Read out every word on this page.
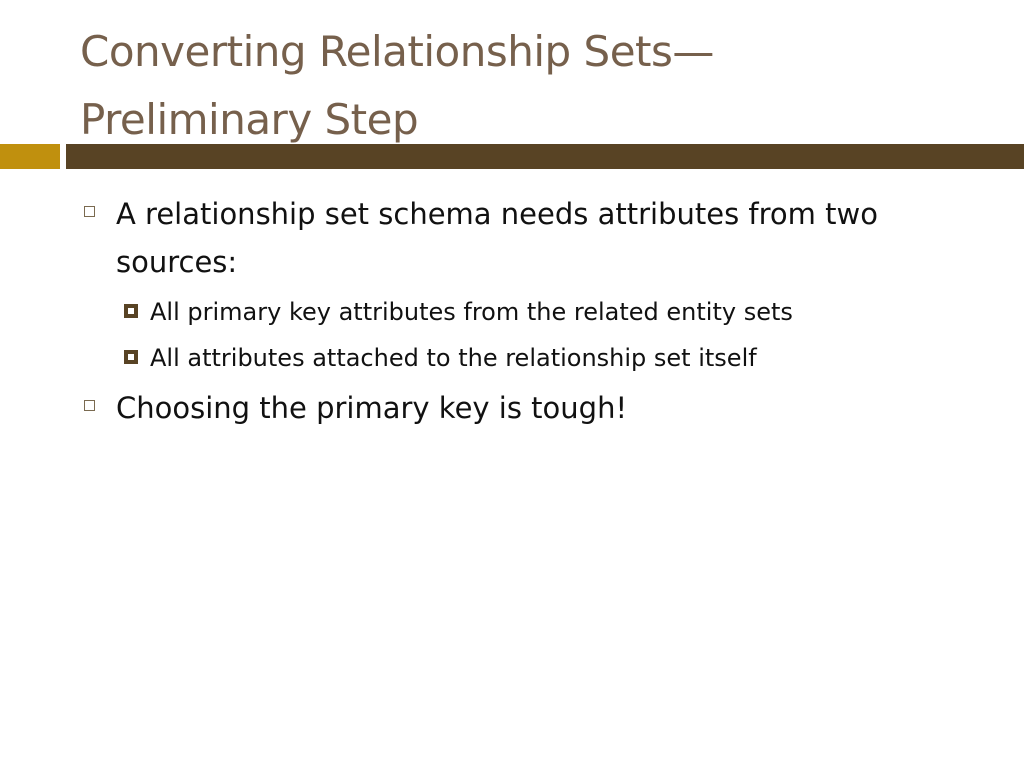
Converting Relationship Sets—
Preliminary Step
A relationship set schema needs attributes from two sources:
All primary key attributes from the related entity sets
All attributes attached to the relationship set itself
Choosing the primary key is tough!
